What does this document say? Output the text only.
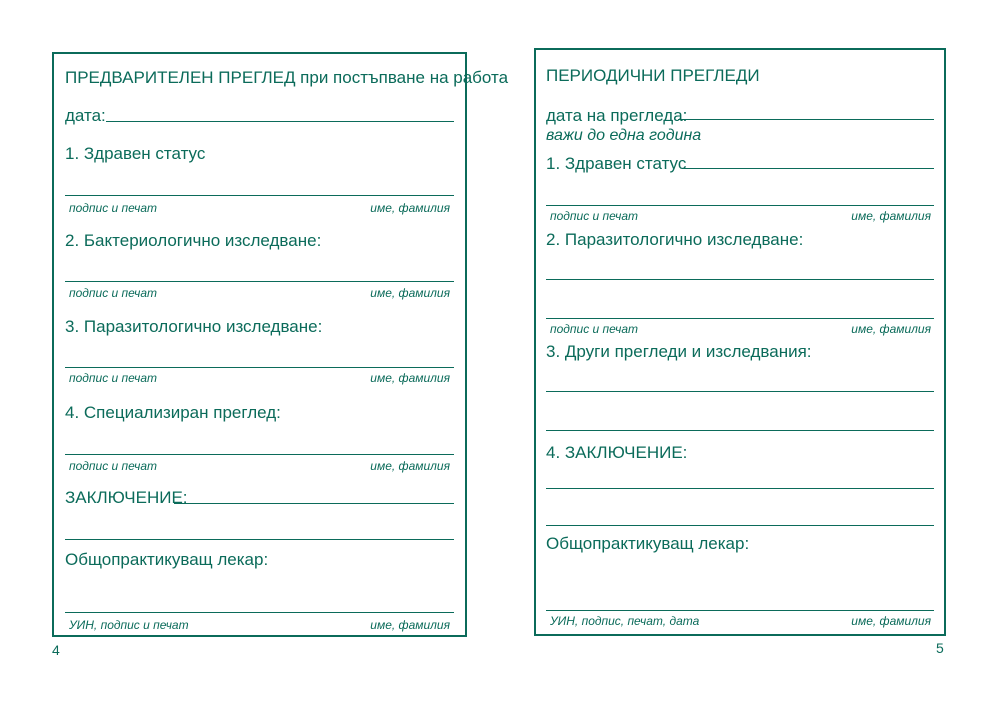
ПРЕДВАРИТЕЛЕН ПРЕГЛЕД при постъпване на работа
дата:
1. Здравен статус
подпис и печат	име, фамилия
2. Бактериологично изследване:
подпис и печат	име, фамилия
3. Паразитологично изследване:
подпис и печат	име, фамилия
4. Специализиран преглед:
подпис и печат	име, фамилия
ЗАКЛЮЧЕНИЕ:
Общопрактикуващ лекар:
УИН, подпис и печат	име, фамилия
4
ПЕРИОДИЧНИ ПРЕГЛЕДИ
дата на прегледа:
важи до една година
1. Здравен статус
подпис и печат	име, фамилия
2. Паразитологично изследване:
подпис и печат	име, фамилия
3. Други прегледи и изследвания:
4. ЗАКЛЮЧЕНИЕ:
Общопрактикуващ лекар:
УИН, подпис, печат, дата	име, фамилия
5
